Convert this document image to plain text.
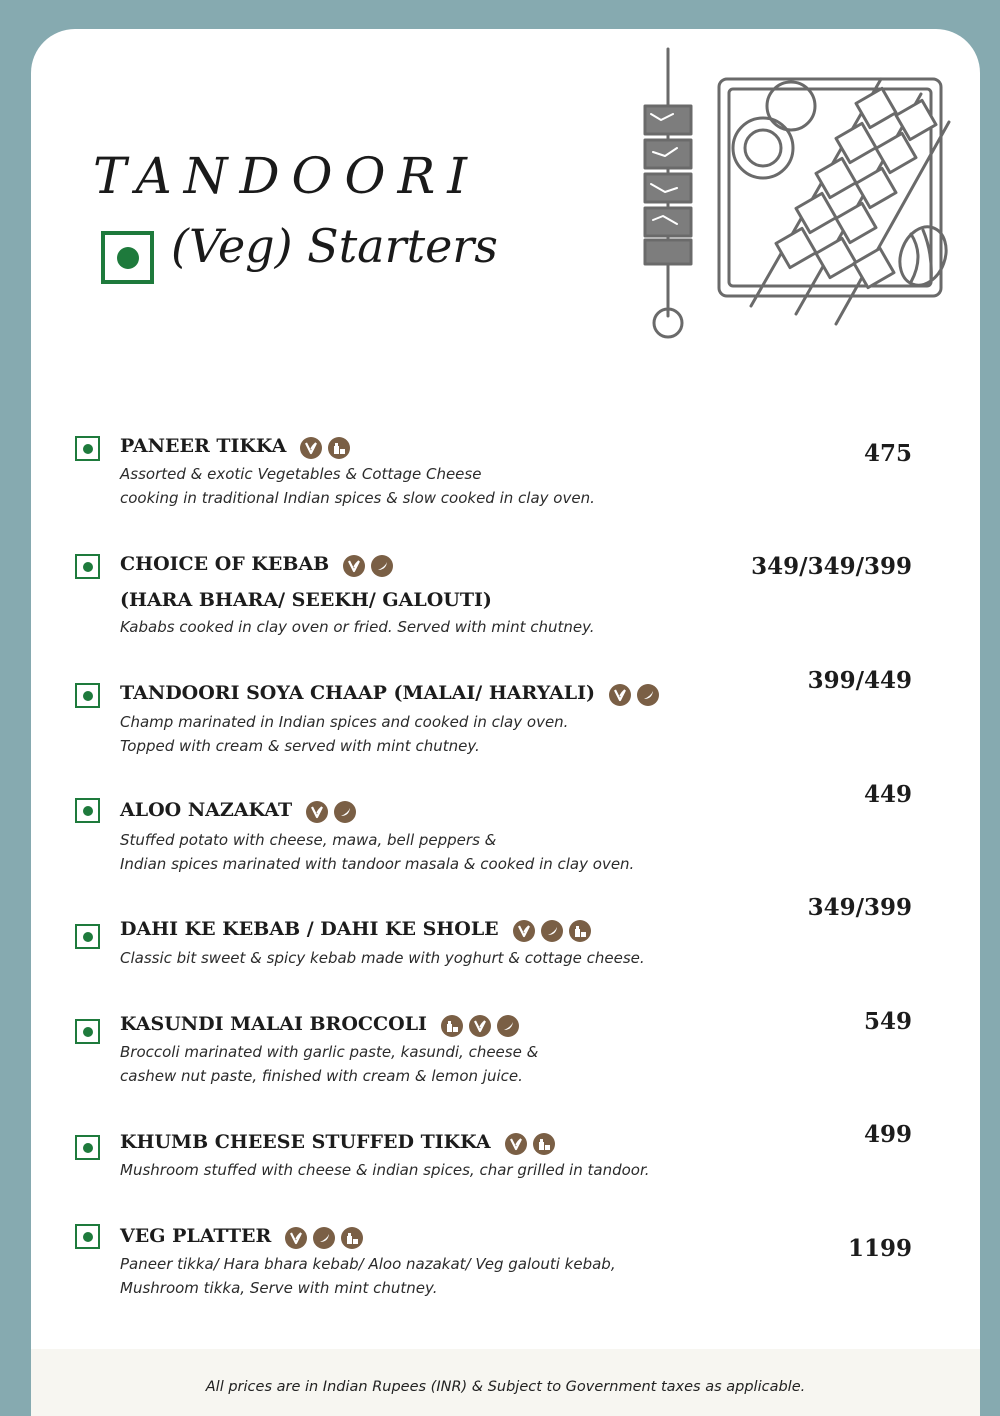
TANDOORI
(Veg) Starters

PANEER TIKKA

Assorted & exotic Vegetables & Cottage Cheese
cooking in traditional Indian spices & slow cooked in clay oven.

475

CHOICE OF KEBAB

(HARA BHARA/ SEEKH/ GALOUTI)

Kababs cooked in clay oven or fried. Served with mint chutney.

349/349/399

TANDOORI SOYA CHAAP (MALAI/ HARYALI)

Champ marinated in Indian spices and cooked in clay oven.
Topped with cream & served with mint chutney.

399/449

ALOO NAZAKAT

Stuffed potato with cheese, mawa, bell peppers &
Indian spices marinated with tandoor masala & cooked in clay oven.

449

DAHI KE KEBAB / DAHI KE SHOLE

Classic bit sweet & spicy kebab made with yoghurt & cottage cheese.

349/399

KASUNDI MALAI BROCCOLI

Broccoli marinated with garlic paste, kasundi, cheese &
cashew nut paste, finished with cream & lemon juice.

549

KHUMB CHEESE STUFFED TIKKA

Mushroom stuffed with cheese & indian spices, char grilled in tandoor.

499

VEG PLATTER

Paneer tikka/ Hara bhara kebab/ Aloo nazakat/ Veg galouti kebab,
Mushroom tikka, Serve with mint chutney.

1199

All prices are in Indian Rupees (INR) & Subject to Government taxes as applicable.
